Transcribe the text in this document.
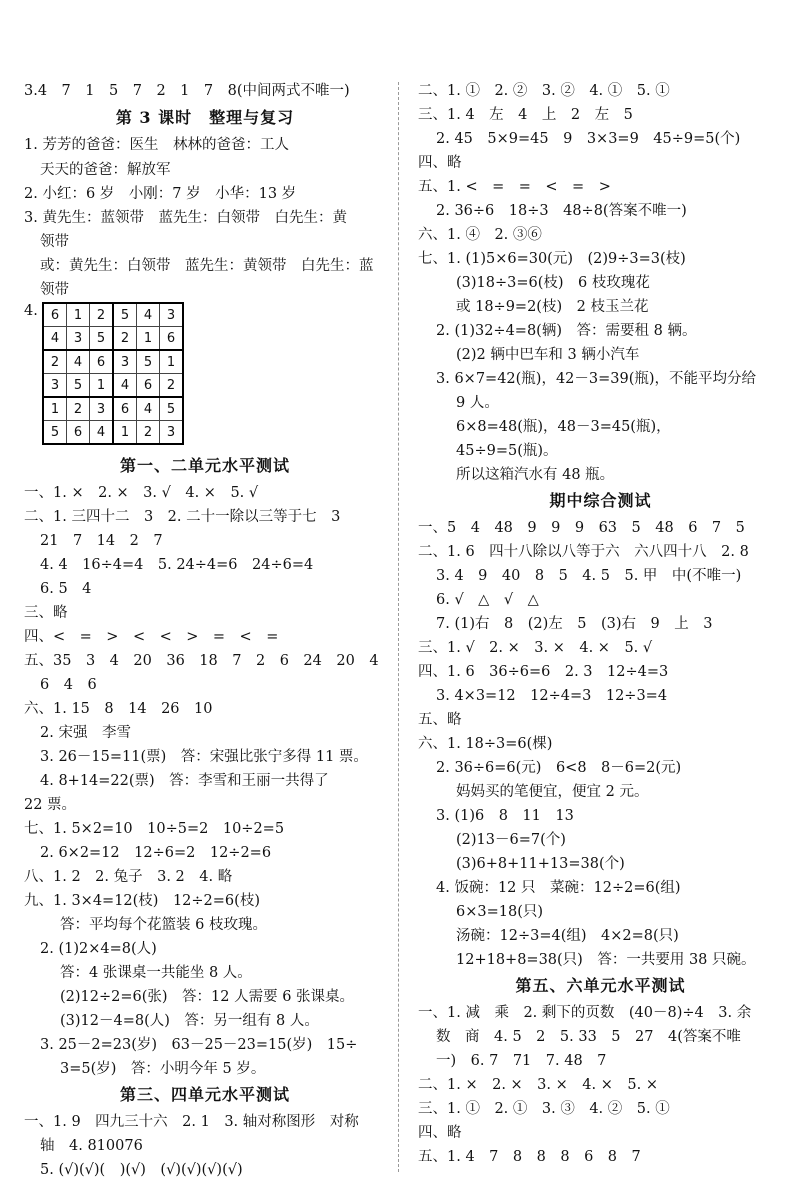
3.4　7　1　5　7　2　1　7　8(中间两式不唯一)
第 3 课时　整理与复习
1. 芳芳的爸爸：医生　林林的爸爸：工人
天天的爸爸：解放军
2. 小红：6 岁　小刚：7 岁　小华：13 岁
3. 黄先生：蓝领带　蓝先生：白领带　白先生：黄
领带
或：黄先生：白领带　蓝先生：黄领带　白先生：蓝
领带
4. 6	1	2	5	4	3
4	3	5	2	1	6
2	4	6	3	5	1
3	5	1	4	6	2
1	2	3	6	4	5
5	6	4	1	2	3
第一、二单元水平测试
一、1. ×　2. ×　3. √　4. ×　5. √
二、1. 三四十二　3　2. 二十一除以三等于七　3
21　7　14　2　7
4. 4　16÷4=4　5. 24÷4=6　24÷6=4
6. 5　4
三、略
四、<　=　>　<　<　>　=　<　=
五、35　3　4　20　36　18　7　2　6　24　20　4
6　4　6
六、1. 15　8　14　26　10
2. 宋强　李雪
3. 26－15=11(票)　答：宋强比张宁多得 11 票。
4. 8+14=22(票)　答：李雪和王丽一共得了
22 票。
七、1. 5×2=10　10÷5=2　10÷2=5
2. 6×2=12　12÷6=2　12÷2=6
八、1. 2　2. 兔子　3. 2　4. 略
九、1. 3×4=12(枝)　12÷2=6(枝)
答：平均每个花篮装 6 枝玫瑰。
2. (1)2×4=8(人)
答：4 张课桌一共能坐 8 人。
(2)12÷2=6(张)　答：12 人需要 6 张课桌。
(3)12－4=8(人)　答：另一组有 8 人。
3. 25－2=23(岁)　63－25－23=15(岁)　15÷
3=5(岁)　答：小明今年 5 岁。
第三、四单元水平测试
一、1. 9　四九三十六　2. 1　3. 轴对称图形　对称
轴　4. 810076
5. (√)(√)(　)(√)　(√)(√)(√)(√)
二、1. ①　2. ②　3. ②　4. ①　5. ①
三、1. 4　左　4　上　2　左　5
2. 45　5×9=45　9　3×3=9　45÷9=5(个)
四、略
五、1. <　=　=　<　=　>
2. 36÷6　18÷3　48÷8(答案不唯一)
六、1. ④　2. ③⑥
七、1. (1)5×6=30(元)　(2)9÷3=3(枝)
(3)18÷3=6(枝)　6 枝玫瑰花
或 18÷9=2(枝)　2 枝玉兰花
2. (1)32÷4=8(辆)　答：需要租 8 辆。
(2)2 辆中巴车和 3 辆小汽车
3. 6×7=42(瓶)，42－3=39(瓶)，不能平均分给
9 人。
6×8=48(瓶)，48－3=45(瓶)，
45÷9=5(瓶)。
所以这箱汽水有 48 瓶。
期中综合测试
一、5　4　48　9　9　9　63　5　48　6　7　5
二、1. 6　四十八除以八等于六　六八四十八　2. 8
3. 4　9　40　8　5　4. 5　5. 甲　中(不唯一)
6. √　△　√　△
7. (1)右　8　(2)左　5　(3)右　9　上　3
三、1. √　2. ×　3. ×　4. ×　5. √
四、1. 6　36÷6=6　2. 3　12÷4=3
3. 4×3=12　12÷4=3　12÷3=4
五、略
六、1. 18÷3=6(棵)
2. 36÷6=6(元)　6<8　8－6=2(元)
妈妈买的笔便宜，便宜 2 元。
3. (1)6　8　11　13
(2)13－6=7(个)
(3)6+8+11+13=38(个)
4. 饭碗：12 只　菜碗：12÷2=6(组)
6×3=18(只)
汤碗：12÷3=4(组)　4×2=8(只)
12+18+8=38(只)　答：一共要用 38 只碗。
第五、六单元水平测试
一、1. 减　乘　2. 剩下的页数　(40－8)÷4　3. 余
数　商　4. 5　2　5. 33　5　27　4(答案不唯
一)　6. 7　71　7. 48　7
二、1. ×　2. ×　3. ×　4. ×　5. ×
三、1. ①　2. ①　3. ③　4. ②　5. ①
四、略
五、1. 4　7　8　8　8　6　8　7
